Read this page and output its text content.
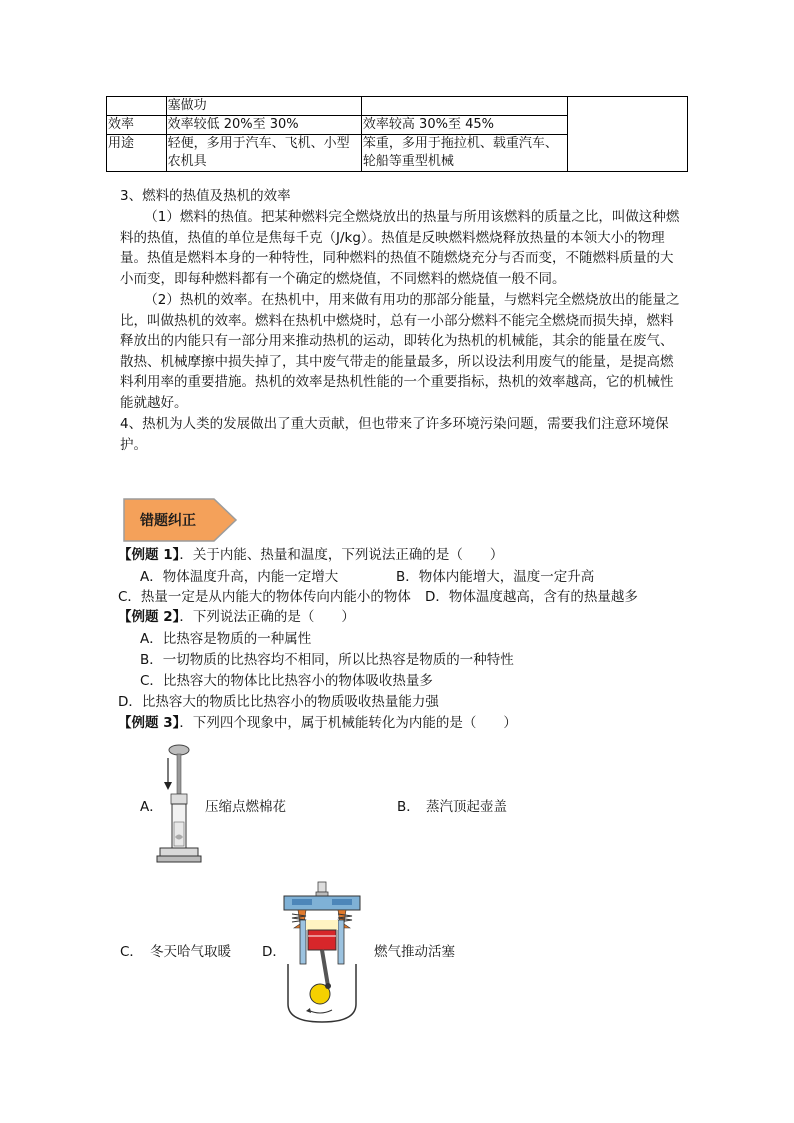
	塞做功		
效率	效率较低 20%至 30%	效率较高 30%至 45%	
用途	轻便，多用于汽车、飞机、小型农机具	笨重，多用于拖拉机、载重汽车、轮船等重型机械	
3、燃料的热值及热机的效率
（1）燃料的热值。把某种燃料完全燃烧放出的热量与所用该燃料的质量之比，叫做这种燃料的热值，热值的单位是焦每千克（J/kg）。热值是反映燃料燃烧释放热量的本领大小的物理量。热值是燃料本身的一种特性，同种燃料的热值不随燃烧充分与否而变，不随燃料质量的大小而变，即每种燃料都有一个确定的燃烧值，不同燃料的燃烧值一般不同。
（2）热机的效率。在热机中，用来做有用功的那部分能量，与燃料完全燃烧放出的能量之比，叫做热机的效率。燃料在热机中燃烧时，总有一小部分燃料不能完全燃烧而损失掉，燃料释放出的内能只有一部分用来推动热机的运动，即转化为热机的机械能，其余的能量在废气、散热、机械摩擦中损失掉了，其中废气带走的能量最多，所以设法利用废气的能量，是提高燃料利用率的重要措施。热机的效率是热机性能的一个重要指标，热机的效率越高，它的机械性能就越好。
4、热机为人类的发展做出了重大贡献，但也带来了许多环境污染问题，需要我们注意环境保护。
错题纠正
【例题 1】．关于内能、热量和温度，下列说法正确的是（　　）
A．物体温度升高，内能一定增大	B．物体内能增大，温度一定升高
C．热量一定是从内能大的物体传向内能小的物体 D．物体温度越高，含有的热量越多
【例题 2】．下列说法正确的是（　　）
A．比热容是物质的一种属性
B．一切物质的比热容均不相同，所以比热容是物质的一种特性
C．比热容大的物体比比热容小的物体吸收热量多
D．比热容大的物质比比热容小的物质吸收热量能力强
【例题 3】．下列四个现象中，属于机械能转化为内能的是（　　）
A．	压缩点燃棉花	B． 蒸汽顶起壶盖
C． 冬天哈气取暖 D．	燃气推动活塞
